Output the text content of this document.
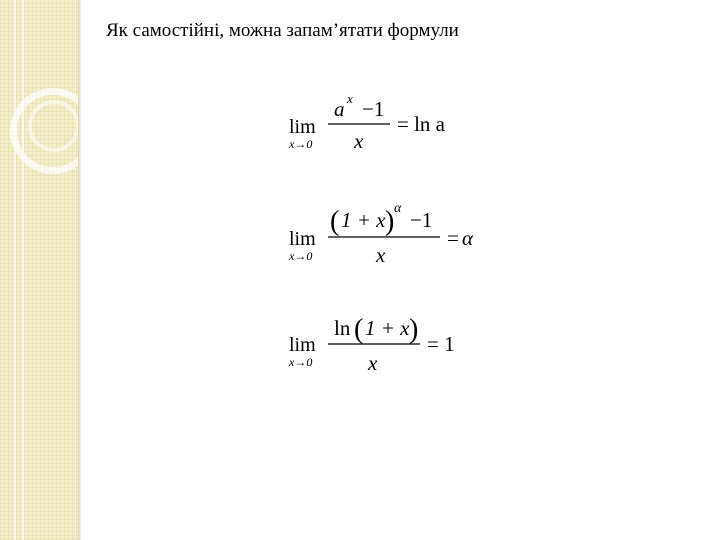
Як самостійні, можна запам’ятати формули
lim
x→0
a x −1
x
= ln a
lim
x→0
( 1 + x ) α −1
x
= α
lim
x→0
ln ( 1 + x )
x
= 1
